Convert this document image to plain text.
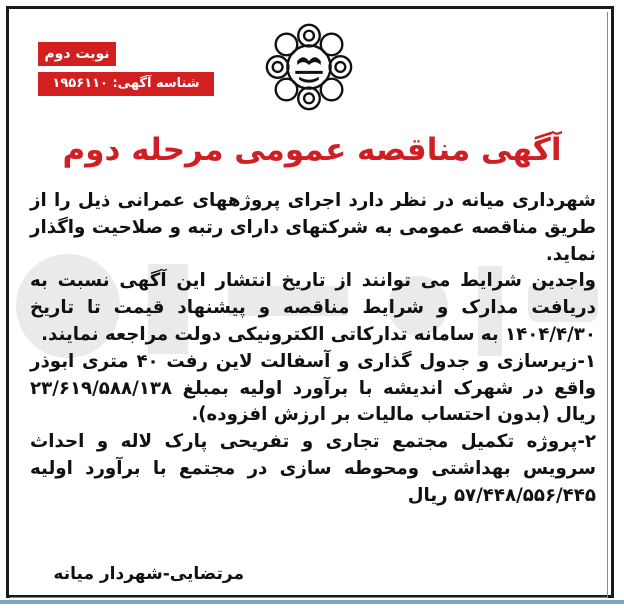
نوبت دوم
شناسه آگهی: ۱۹۵۶۱۱۰
آگهی مناقصه عمومی مرحله دوم

شهرداری میانه در نظر دارد اجرای پروژههای عمرانی ذیل را از طریق مناقصه عمومی به شرکتهای دارای رتبه و صلاحیت واگذار نماید.

واجدین شرایط می توانند از تاریخ انتشار این آگهی نسبت به دریافت مدارک و شرایط مناقصه و پیشنهاد قیمت تا تاریخ ۱۴۰۴/۴/۳۰ به سامانه تدارکاتی الکترونیکی دولت مراجعه نمایند.

۱-زیرسازی و جدول گذاری و آسفالت لاین رفت ۴۰ متری ابوذر واقع در شهرک اندیشه با برآورد اولیه بمبلغ ۲۳/۶۱۹/۵۸۸/۱۳۸ ریال (بدون احتساب مالیات بر ارزش افزوده).

۲-پروژه تکمیل مجتمع تجاری و تفریحی پارک لاله و احداث سرویس بهداشتی ومحوطه سازی در مجتمع با برآورد اولیه ۵۷/۴۴۸/۵۵۶/۴۴۵ ریال

مرتضایی-شهردار میانه
